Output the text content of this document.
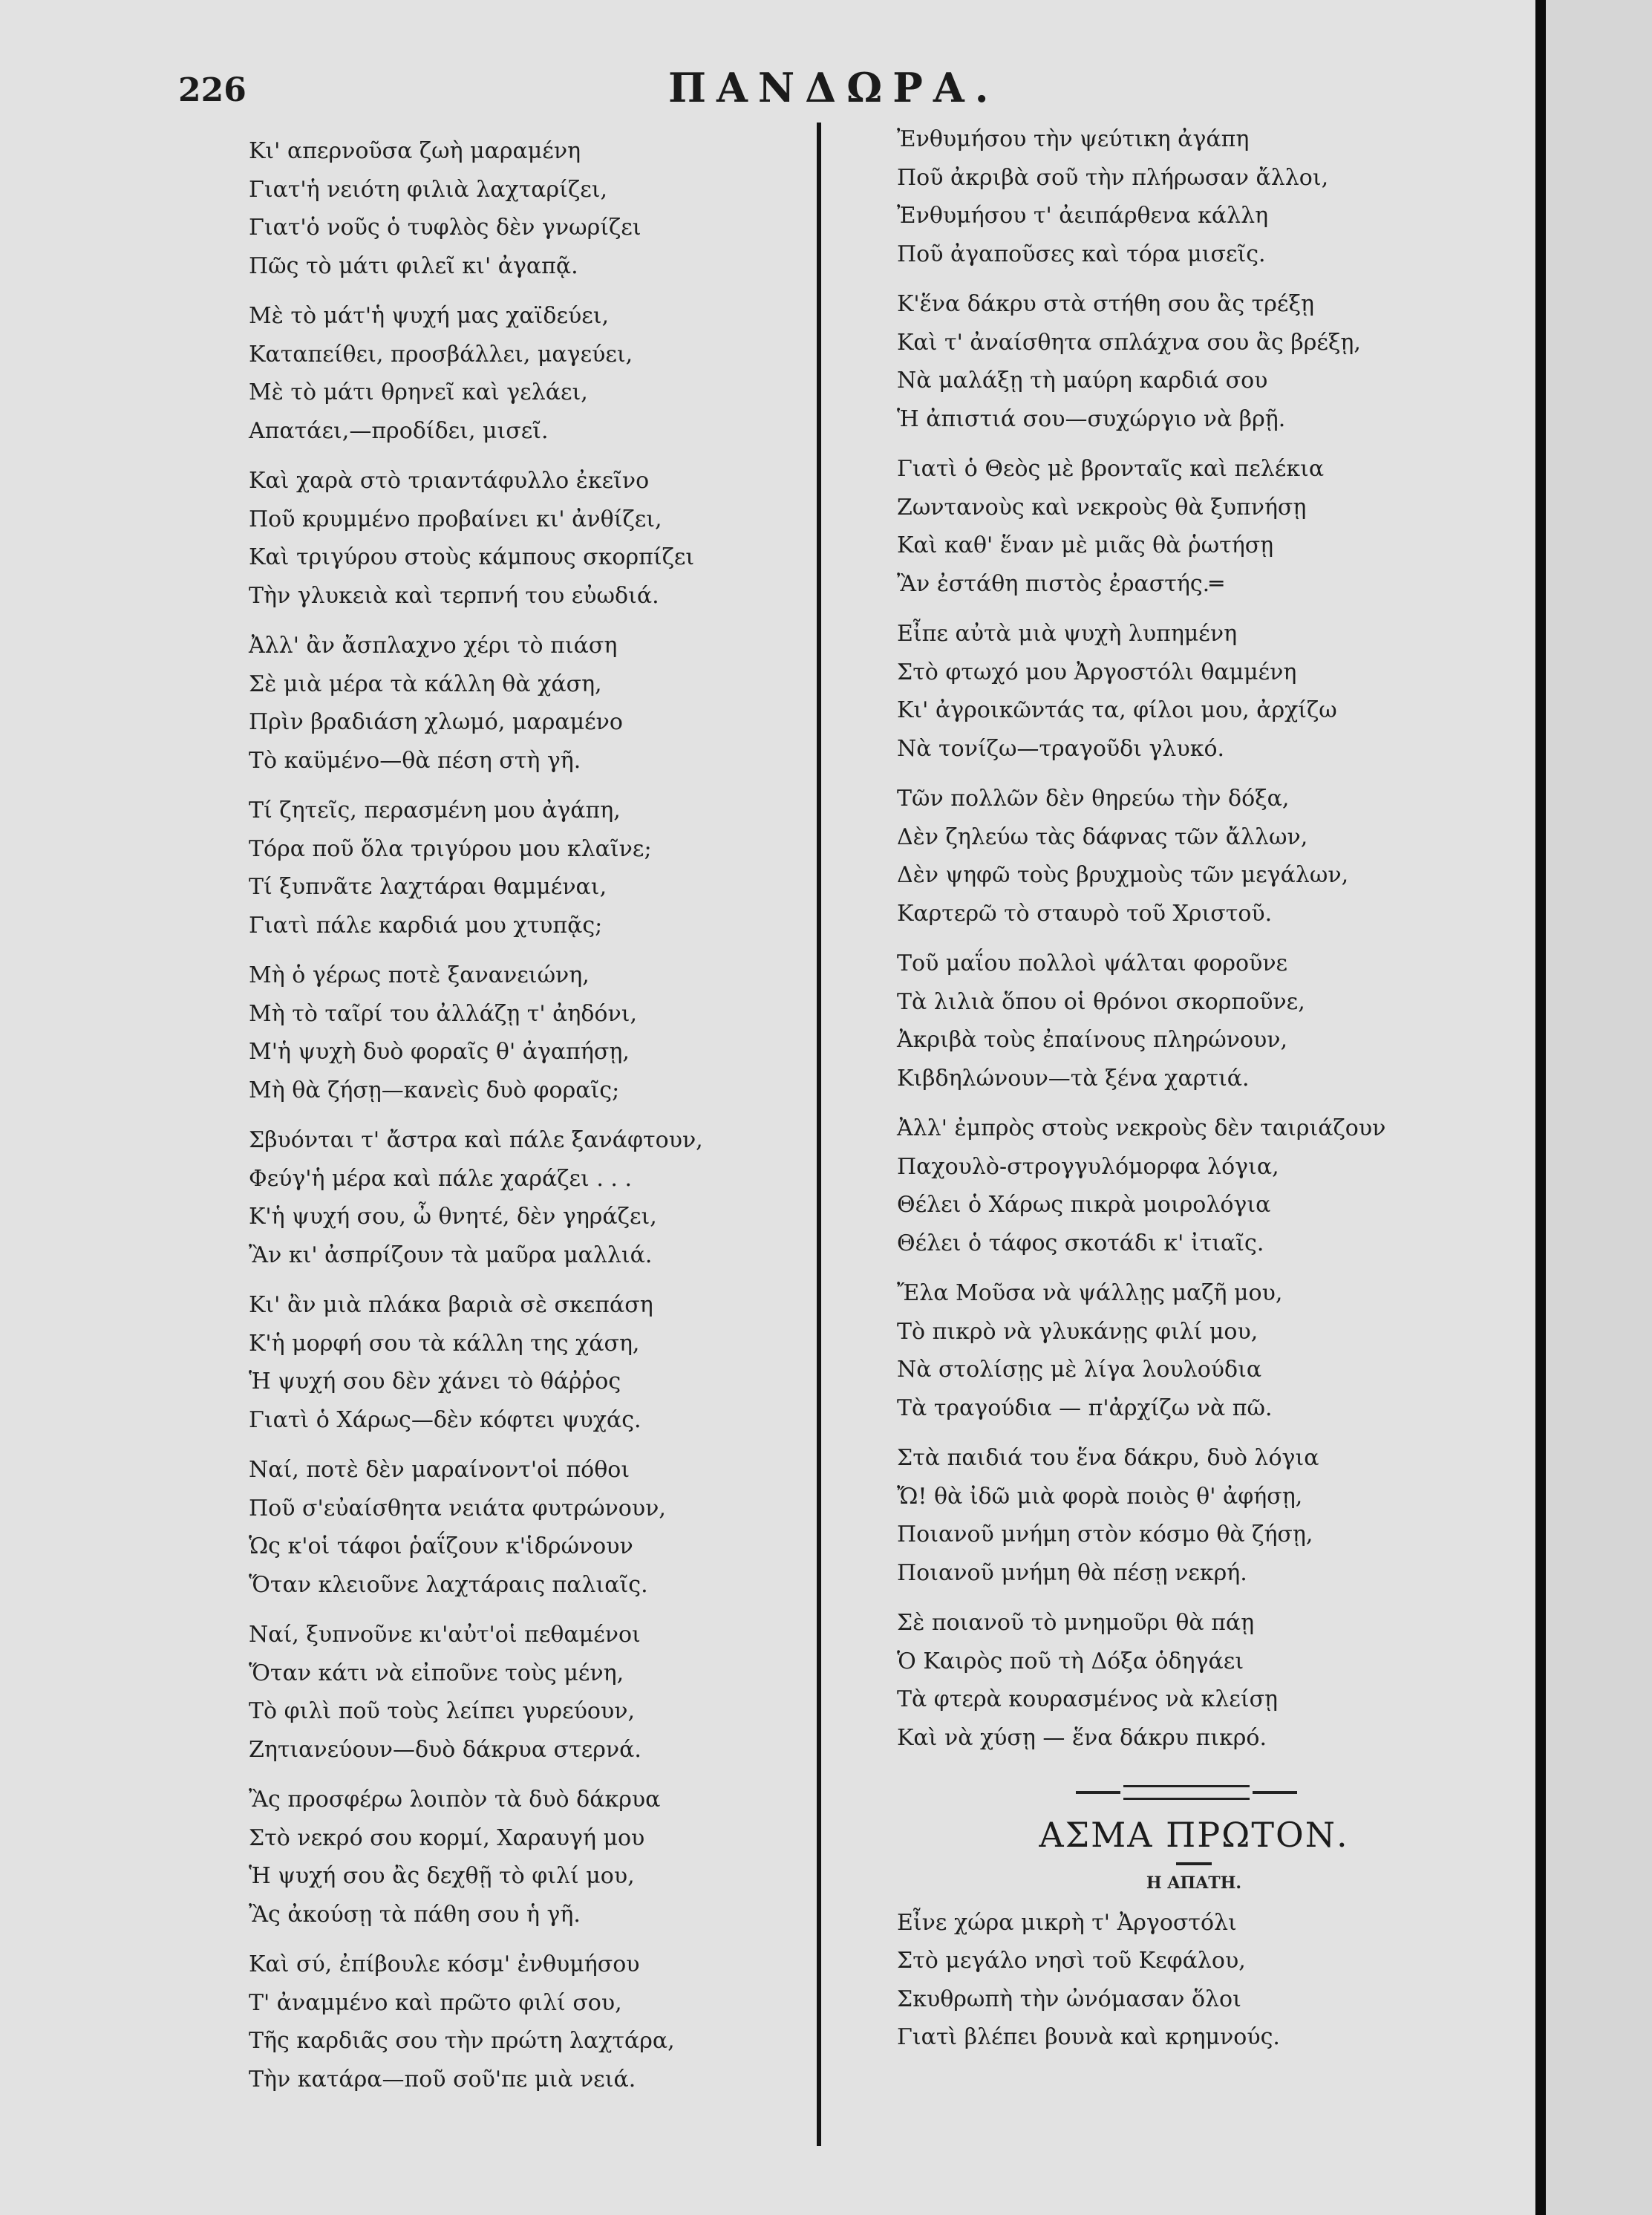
226	ΠΑΝΔΩΡΑ.
Κι' απερνοῦσα ζωὴ μαραμένη
Γιατ'ἡ νειότη φιλιὰ λαχταρίζει,
Γιατ'ὁ νοῦς ὁ τυφλὸς δὲν γνωρίζει
Πῶς τὸ μάτι φιλεῖ κι' ἀγαπᾷ.
Μὲ τὸ μάτ'ἡ ψυχή μας χαϊδεύει,
Καταπείθει, προσβάλλει, μαγεύει,
Μὲ τὸ μάτι θρηνεῖ καὶ γελάει,
Απατάει,—προδίδει, μισεῖ.
Καὶ χαρὰ στὸ τριαντάφυλλο ἐκεῖνο
Ποῦ κρυμμένο προβαίνει κι' ἀνθίζει,
Καὶ τριγύρου στοὺς κάμπους σκορπίζει
Τὴν γλυκειὰ καὶ τερπνή του εὐωδιά.
Ἀλλ' ἂν ἄσπλαχνο χέρι τὸ πιάση
Σὲ μιὰ μέρα τὰ κάλλη θὰ χάση,
Πρὶν βραδιάση χλωμό, μαραμένο
Τὸ καϋμένο—θὰ πέση στὴ γῆ.
Τί ζητεῖς, περασμένη μου ἀγάπη,
Τόρα ποῦ ὅλα τριγύρου μου κλαῖνε;
Τί ξυπνᾶτε λαχτάραι θαμμέναι,
Γιατὶ πάλε καρδιά μου χτυπᾷς;
Μὴ ὁ γέρως ποτὲ ξανανειώνη,
Μὴ τὸ ταῖρί του ἀλλάζῃ τ' ἀηδόνι,
Μ'ἡ ψυχὴ δυὸ φοραῖς θ' ἀγαπήσῃ,
Μὴ θὰ ζήσῃ—κανεὶς δυὸ φοραῖς;
Σβυόνται τ' ἄστρα καὶ πάλε ξανάφτουν,
Φεύγ'ἡ μέρα καὶ πάλε χαράζει . . .
Κ'ἡ ψυχή σου, ὦ θνητέ, δὲν γηράζει,
Ἂν κι' ἀσπρίζουν τὰ μαῦρα μαλλιά.
Κι' ἂν μιὰ πλάκα βαριὰ σὲ σκεπάση
Κ'ἡ μορφή σου τὰ κάλλη της χάση,
Ἡ ψυχή σου δὲν χάνει τὸ θάῤῥος
Γιατὶ ὁ Χάρως—δὲν κόφτει ψυχάς.
Ναί, ποτὲ δὲν μαραίνοντ'οἱ πόθοι
Ποῦ σ'εὐαίσθητα νειάτα φυτρώνουν,
Ὡς κ'οἱ τάφοι ῥαΐζουν κ'ἱδρώνουν
Ὅταν κλειοῦνε λαχτάραις παλιαῖς.
Ναί, ξυπνοῦνε κι'αὐτ'οἱ πεθαμένοι
Ὅταν κάτι νὰ εἰποῦνε τοὺς μένη,
Τὸ φιλὶ ποῦ τοὺς λείπει γυρεύουν,
Ζητιανεύουν—δυὸ δάκρυα στερνά.
Ἂς προσφέρω λοιπὸν τὰ δυὸ δάκρυα
Στὸ νεκρό σου κορμί, Χαραυγή μου
Ἡ ψυχή σου ἂς δεχθῇ τὸ φιλί μου,
Ἂς ἀκούσῃ τὰ πάθη σου ἡ γῆ.
Καὶ σύ, ἐπίβουλε κόσμ' ἐνθυμήσου
Τ' ἀναμμένο καὶ πρῶτο φιλί σου,
Τῆς καρδιᾶς σου τὴν πρώτη λαχτάρα,
Τὴν κατάρα—ποῦ σοῦ'πε μιὰ νειά.
Ἐνθυμήσου τὴν ψεύτικη ἀγάπη
Ποῦ ἀκριβὰ σοῦ τὴν πλήρωσαν ἄλλοι,
Ἐνθυμήσου τ' ἀειπάρθενα κάλλη
Ποῦ ἀγαποῦσες καὶ τόρα μισεῖς.
Κ'ἕνα δάκρυ στὰ στήθη σου ἂς τρέξῃ
Καὶ τ' ἀναίσθητα σπλάχνα σου ἂς βρέξῃ,
Νὰ μαλάξῃ τὴ μαύρη καρδιά σου
Ἡ ἀπιστιά σου—συχώργιο νὰ βρῇ.
Γιατὶ ὁ Θεὸς μὲ βρονταῖς καὶ πελέκια
Ζωντανοὺς καὶ νεκροὺς θὰ ξυπνήσῃ
Καὶ καθ' ἕναν μὲ μιᾶς θὰ ῥωτήσῃ
Ἂν ἐστάθη πιστὸς ἐραστής.═
Εἶπε αὐτὰ μιὰ ψυχὴ λυπημένη
Στὸ φτωχό μου Ἀργοστόλι θαμμένη
Κι' ἀγροικῶντάς τα, φίλοι μου, ἀρχίζω
Νὰ τονίζω—τραγοῦδι γλυκό.
Τῶν πολλῶν δὲν θηρεύω τὴν δόξα,
Δὲν ζηλεύω τὰς δάφνας τῶν ἄλλων,
Δὲν ψηφῶ τοὺς βρυχμοὺς τῶν μεγάλων,
Καρτερῶ τὸ σταυρὸ τοῦ Χριστοῦ.
Τοῦ μαΐου πολλοὶ ψάλται φοροῦνε
Τὰ λιλιὰ ὅπου οἱ θρόνοι σκορποῦνε,
Ἀκριβὰ τοὺς ἐπαίνους πληρώνουν,
Κιβδηλώνουν—τὰ ξένα χαρτιά.
Ἀλλ' ἐμπρὸς στοὺς νεκροὺς δὲν ταιριάζουν
Παχουλὸ-στρογγυλόμορφα λόγια,
Θέλει ὁ Χάρως πικρὰ μοιρολόγια
Θέλει ὁ τάφος σκοτάδι κ' ἰτιαῖς.
Ἔλα Μοῦσα νὰ ψάλλῃς μαζῆ μου,
Τὸ πικρὸ νὰ γλυκάνῃς φιλί μου,
Νὰ στολίσῃς μὲ λίγα λουλούδια
Τὰ τραγούδια — π'ἀρχίζω νὰ πῶ.
Στὰ παιδιά του ἕνα δάκρυ, δυὸ λόγια
Ὤ! θὰ ἰδῶ μιὰ φορὰ ποιὸς θ' ἀφήσῃ,
Ποιανοῦ μνήμη στὸν κόσμο θὰ ζήσῃ,
Ποιανοῦ μνήμη θὰ πέσῃ νεκρή.
Σὲ ποιανοῦ τὸ μνημοῦρι θὰ πάῃ
Ὁ Καιρὸς ποῦ τὴ Δόξα ὁδηγάει
Τὰ φτερὰ κουρασμένος νὰ κλείσῃ
Καὶ νὰ χύσῃ — ἕνα δάκρυ πικρό.
ΑΣΜΑ ΠΡΩΤΟΝ.
Η ΑΠΑΤΗ.
Εἶνε χώρα μικρὴ τ' Ἀργοστόλι
Στὸ μεγάλο νησὶ τοῦ Κεφάλου,
Σκυθρωπὴ τὴν ὠνόμασαν ὅλοι
Γιατὶ βλέπει βουνὰ καὶ κρημνούς.
